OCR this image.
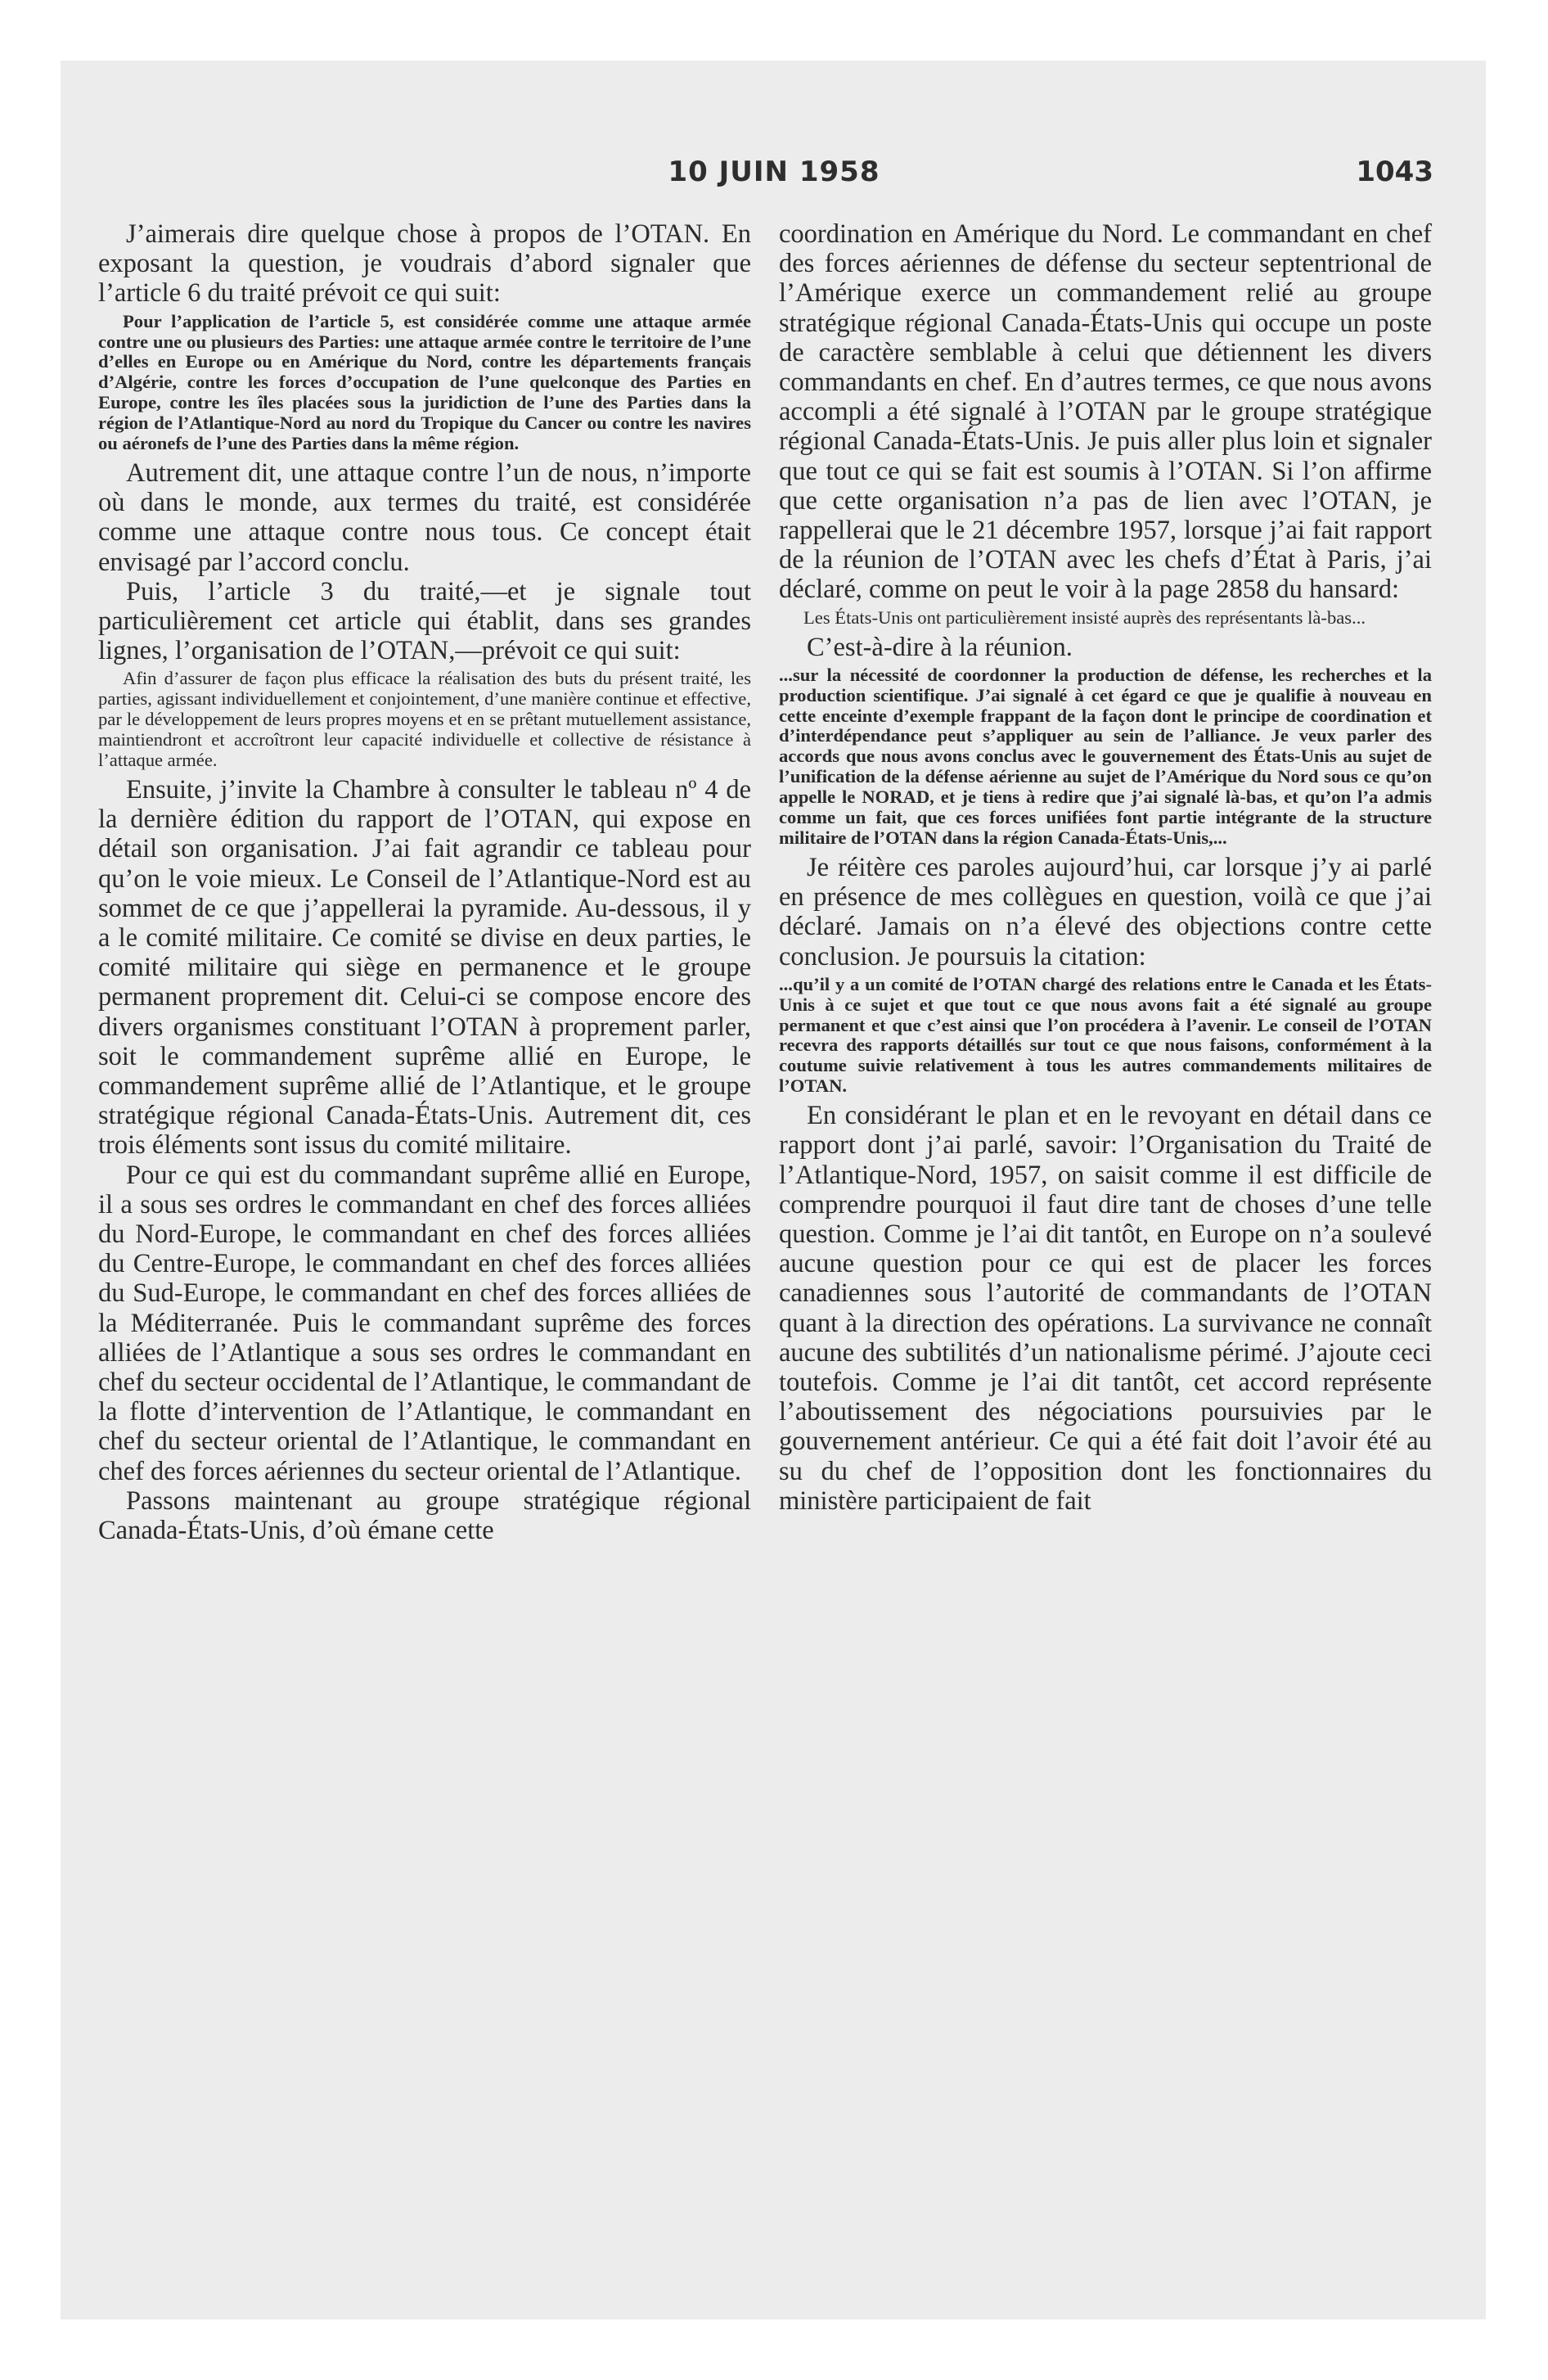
10 JUIN 1958	1043

J’aimerais dire quelque chose à propos de l’OTAN. En exposant la question, je voudrais d’abord signaler que l’article 6 du traité prévoit ce qui suit:

Pour l’application de l’article 5, est considérée comme une attaque armée contre une ou plusieurs des Parties: une attaque armée contre le territoire de l’une d’elles en Europe ou en Amérique du Nord, contre les départements français d’Algérie, contre les forces d’occupation de l’une quelconque des Parties en Europe, contre les îles placées sous la juridiction de l’une des Parties dans la région de l’Atlantique-Nord au nord du Tropique du Cancer ou contre les navires ou aéronefs de l’une des Parties dans la même région.

Autrement dit, une attaque contre l’un de nous, n’importe où dans le monde, aux termes du traité, est considérée comme une attaque contre nous tous. Ce concept était envisagé par l’accord conclu.

Puis, l’article 3 du traité,—et je signale tout particulièrement cet article qui établit, dans ses grandes lignes, l’organisation de l’OTAN,—prévoit ce qui suit:

Afin d’assurer de façon plus efficace la réalisation des buts du présent traité, les parties, agissant individuellement et conjointement, d’une manière continue et effective, par le développement de leurs propres moyens et en se prêtant mutuellement assistance, maintiendront et accroîtront leur capacité individuelle et collective de résistance à l’attaque armée.

Ensuite, j’invite la Chambre à consulter le tableau nº 4 de la dernière édition du rapport de l’OTAN, qui expose en détail son organisation. J’ai fait agrandir ce tableau pour qu’on le voie mieux. Le Conseil de l’Atlantique-Nord est au sommet de ce que j’appellerai la pyramide. Au-dessous, il y a le comité militaire. Ce comité se divise en deux parties, le comité militaire qui siège en permanence et le groupe permanent proprement dit. Celui-ci se compose encore des divers organismes constituant l’OTAN à proprement parler, soit le commandement suprême allié en Europe, le commandement suprême allié de l’Atlantique, et le groupe stratégique régional Canada-États-Unis. Autrement dit, ces trois éléments sont issus du comité militaire.

Pour ce qui est du commandant suprême allié en Europe, il a sous ses ordres le commandant en chef des forces alliées du Nord-Europe, le commandant en chef des forces alliées du Centre-Europe, le commandant en chef des forces alliées du Sud-Europe, le commandant en chef des forces alliées de la Méditerranée. Puis le commandant suprême des forces alliées de l’Atlantique a sous ses ordres le commandant en chef du secteur occidental de l’Atlantique, le commandant de la flotte d’intervention de l’Atlantique, le commandant en chef du secteur oriental de l’Atlantique, le commandant en chef des forces aériennes du secteur oriental de l’Atlantique.

Passons maintenant au groupe stratégique régional Canada-États-Unis, d’où émane cette

coordination en Amérique du Nord. Le commandant en chef des forces aériennes de défense du secteur septentrional de l’Amérique exerce un commandement relié au groupe stratégique régional Canada-États-Unis qui occupe un poste de caractère semblable à celui que détiennent les divers commandants en chef. En d’autres termes, ce que nous avons accompli a été signalé à l’OTAN par le groupe stratégique régional Canada-États-Unis. Je puis aller plus loin et signaler que tout ce qui se fait est soumis à l’OTAN. Si l’on affirme que cette organisation n’a pas de lien avec l’OTAN, je rappellerai que le 21 décembre 1957, lorsque j’ai fait rapport de la réunion de l’OTAN avec les chefs d’État à Paris, j’ai déclaré, comme on peut le voir à la page 2858 du hansard:

Les États-Unis ont particulièrement insisté auprès des représentants là-bas...

C’est-à-dire à la réunion.

...sur la nécessité de coordonner la production de défense, les recherches et la production scientifique. J’ai signalé à cet égard ce que je qualifie à nouveau en cette enceinte d’exemple frappant de la façon dont le principe de coordination et d’interdépendance peut s’appliquer au sein de l’alliance. Je veux parler des accords que nous avons conclus avec le gouvernement des États-Unis au sujet de l’unification de la défense aérienne au sujet de l’Amérique du Nord sous ce qu’on appelle le NORAD, et je tiens à redire que j’ai signalé là-bas, et qu’on l’a admis comme un fait, que ces forces unifiées font partie intégrante de la structure militaire de l’OTAN dans la région Canada-États-Unis,...

Je réitère ces paroles aujourd’hui, car lorsque j’y ai parlé en présence de mes collègues en question, voilà ce que j’ai déclaré. Jamais on n’a élevé des objections contre cette conclusion. Je poursuis la citation:

...qu’il y a un comité de l’OTAN chargé des relations entre le Canada et les États-Unis à ce sujet et que tout ce que nous avons fait a été signalé au groupe permanent et que c’est ainsi que l’on procédera à l’avenir. Le conseil de l’OTAN recevra des rapports détaillés sur tout ce que nous faisons, conformément à la coutume suivie relativement à tous les autres commandements militaires de l’OTAN.

En considérant le plan et en le revoyant en détail dans ce rapport dont j’ai parlé, savoir: l’Organisation du Traité de l’Atlantique-Nord, 1957, on saisit comme il est difficile de comprendre pourquoi il faut dire tant de choses d’une telle question. Comme je l’ai dit tantôt, en Europe on n’a soulevé aucune question pour ce qui est de placer les forces canadiennes sous l’autorité de commandants de l’OTAN quant à la direction des opérations. La survivance ne connaît aucune des subtilités d’un nationalisme périmé. J’ajoute ceci toutefois. Comme je l’ai dit tantôt, cet accord représente l’aboutissement des négociations poursuivies par le gouvernement antérieur. Ce qui a été fait doit l’avoir été au su du chef de l’opposition dont les fonctionnaires du ministère participaient de fait
